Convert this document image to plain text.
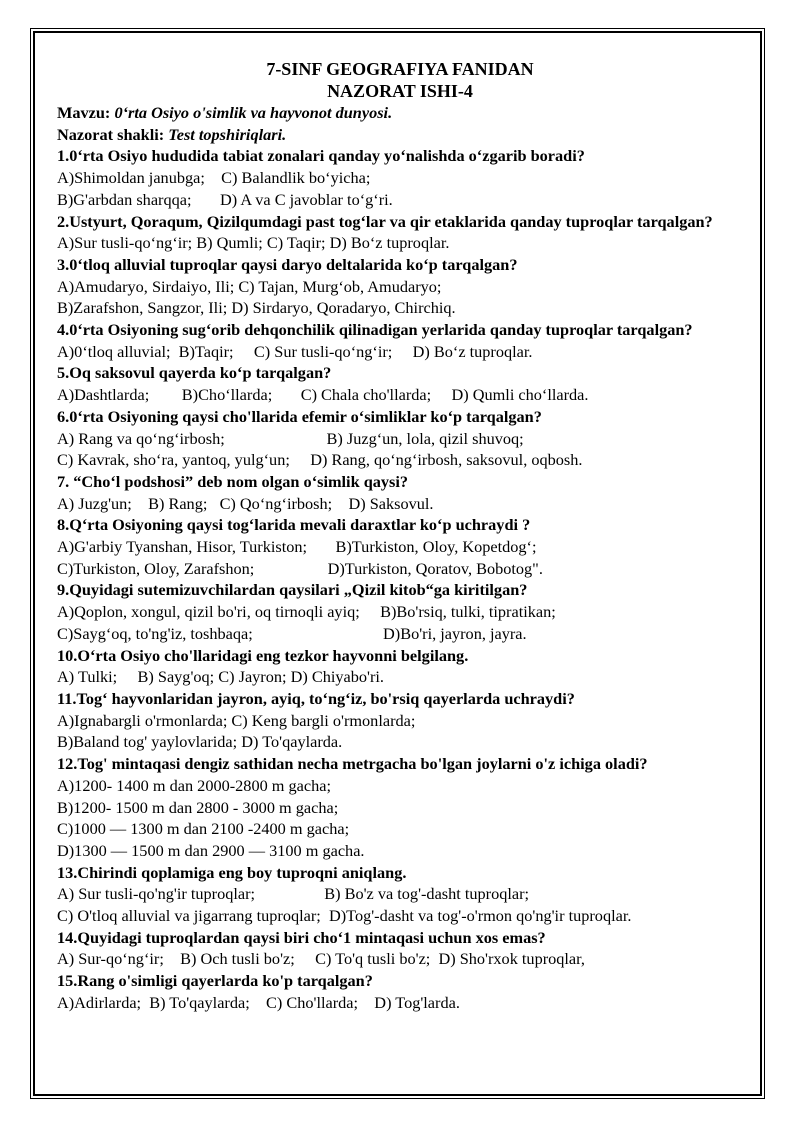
7-SINF GEOGRAFIYA FANIDAN

NAZORAT ISHI-4

Mavzu: 0‘rta Osiyo o'simlik va hayvonot dunyosi.

Nazorat shakli: Test topshiriqlari.

1.0‘rta Osiyo hududida tabiat zonalari qanday yo‘nalishda o‘zgarib boradi?

A)Shimoldan janubga;    C) Balandlik bo‘yicha;

B)G'arbdan sharqqa;       D) A va C javoblar to‘g‘ri.

2.Ustyurt, Qoraqum, Qizilqumdagi past tog‘lar va qir etaklarida qanday tuproqlar tarqalgan?

A)Sur tusli-qo‘ng‘ir; B) Qumli; C) Taqir; D) Bo‘z tuproqlar.

3.0‘tloq alluvial tuproqlar qaysi daryo deltalarida ko‘p tarqalgan?

A)Amudaryo, Sirdaiyo, Ili; C) Tajan, Murg‘ob, Amudaryo;

B)Zarafshon, Sangzor, Ili; D) Sirdaryo, Qoradaryo, Chirchiq.

4.0‘rta Osiyoning sug‘orib dehqonchilik qilinadigan yerlarida qanday tuproqlar tarqalgan?

A)0‘tloq alluvial;  B)Taqir;     C) Sur tusli-qo‘ng‘ir;     D) Bo‘z tuproqlar.

5.Oq saksovul qayerda ko‘p tarqalgan?

A)Dashtlarda;        B)Cho‘llarda;       C) Chala cho'llarda;     D) Qumli cho‘llarda.

6.0‘rta Osiyoning qaysi cho'llarida efemir o‘simliklar ko‘p tarqalgan?

A) Rang va qo‘ng‘irbosh;                         B) Juzg‘un, lola, qizil shuvoq;

C) Kavrak, sho‘ra, yantoq, yulg‘un;     D) Rang, qo‘ng‘irbosh, saksovul, oqbosh.

7. “Cho‘l podshosi” deb nom olgan o‘simlik qaysi?

A) Juzg'un;    B) Rang;   C) Qo‘ng‘irbosh;    D) Saksovul.

8.Q‘rta Osiyoning qaysi tog‘larida mevali daraxtlar ko‘p uchraydi ?

A)G'arbiy Tyanshan, Hisor, Turkiston;       B)Turkiston, Oloy, Kopetdog‘;

C)Turkiston, Oloy, Zarafshon;                  D)Turkiston, Qoratov, Bobotog".

9.Quyidagi sutemizuvchilardan qaysilari „Qizil kitob“ga kiritilgan?

A)Qoplon, xongul, qizil bo'ri, oq tirnoqli ayiq;     B)Bo'rsiq, tulki, tipratikan;

C)Sayg‘oq, to'ng'iz, toshbaqa;                                D)Bo'ri, jayron, jayra.

10.O‘rta Osiyo cho'llaridagi eng tezkor hayvonni belgilang.

A) Tulki;     B) Sayg'oq; C) Jayron; D) Chiyabo'ri.

11.Tog‘ hayvonlaridan jayron, ayiq, to‘ng‘iz, bo'rsiq qayerlarda uchraydi?

A)Ignabargli o'rmonlarda; C) Keng bargli o'rmonlarda;

B)Baland tog' yaylovlarida; D) To'qaylarda.

12.Tog' mintaqasi dengiz sathidan necha metrgacha bo'lgan joylarni o'z ichiga oladi?

A)1200- 1400 m dan 2000-2800 m gacha;

B)1200- 1500 m dan 2800 - 3000 m gacha;

C)1000 — 1300 m dan 2100 -2400 m gacha;

D)1300 — 1500 m dan 2900 — 3100 m gacha.

13.Chirindi qoplamiga eng boy tuproqni aniqlang.

A) Sur tusli-qo'ng'ir tuproqlar;                 B) Bo'z va tog'-dasht tuproqlar;

C) O'tloq alluvial va jigarrang tuproqlar;  D)Tog'-dasht va tog'-o'rmon qo'ng'ir tuproqlar.

14.Quyidagi tuproqlardan qaysi biri cho‘1 mintaqasi uchun xos emas?

A) Sur-qo‘ng‘ir;    B) Och tusli bo'z;     C) To'q tusli bo'z;  D) Sho'rxok tuproqlar,

15.Rang o'simligi qayerlarda ko'p tarqalgan?

A)Adirlarda;  B) To'qaylarda;    C) Cho'llarda;    D) Tog'larda.
